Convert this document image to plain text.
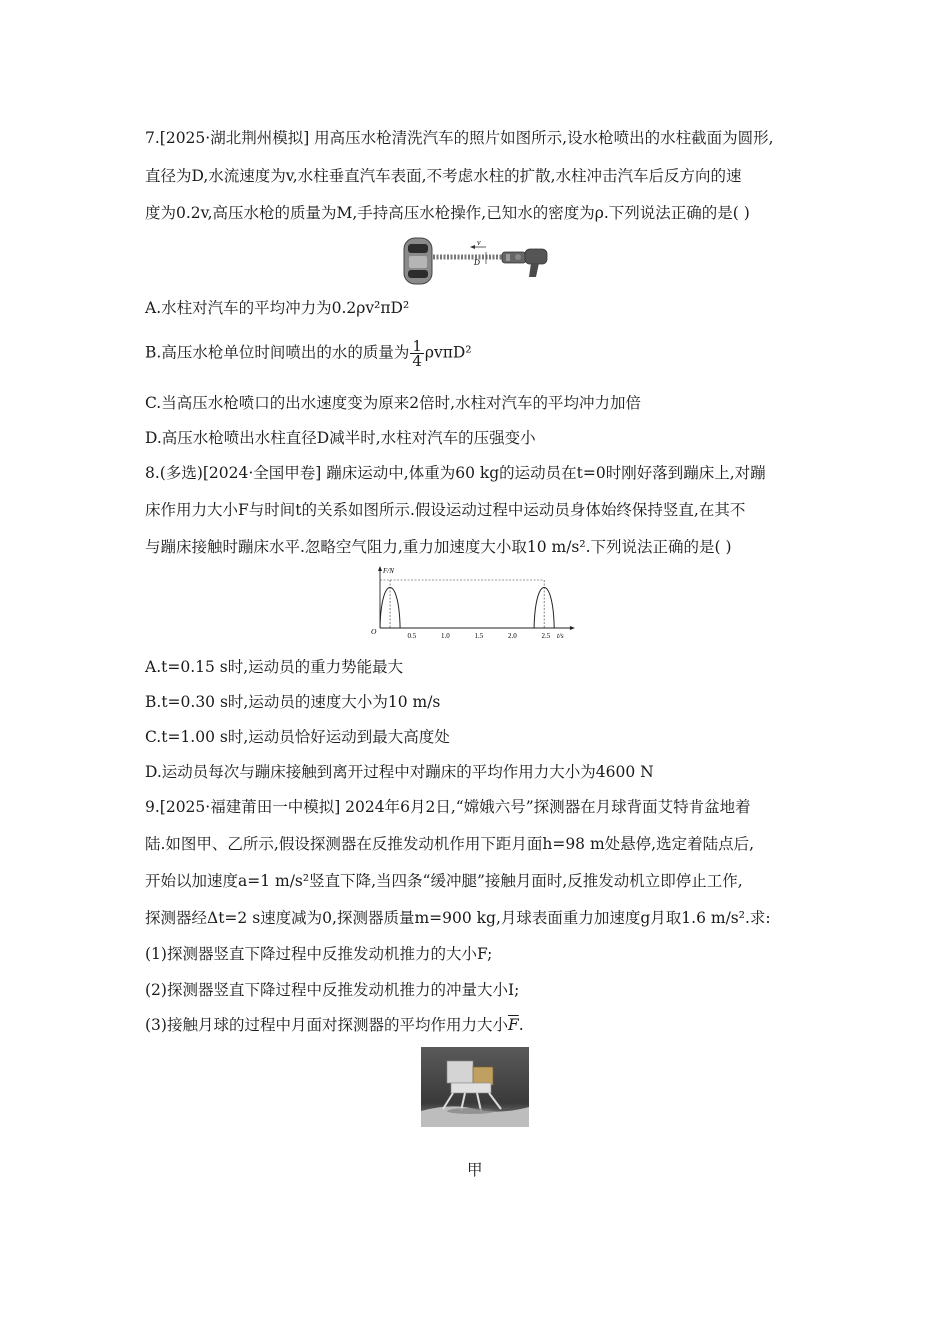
7.[2025·湖北荆州模拟] 用高压水枪清洗汽车的照片如图所示,设水枪喷出的水柱截面为圆形,
直径为D,水流速度为v,水柱垂直汽车表面,不考虑水柱的扩散,水柱冲击汽车后反方向的速
度为0.2v,高压水枪的质量为M,手持高压水枪操作,已知水的密度为ρ.下列说法正确的是( )
v
D
A.水柱对汽车的平均冲力为0.2ρv²πD²
B.高压水枪单位时间喷出的水的质量为 $\frac{1}{4} \rho v\pi D^2$
C.当高压水枪喷口的出水速度变为原来2倍时,水柱对汽车的平均冲力加倍
D.高压水枪喷出水柱直径D减半时,水柱对汽车的压强变小
8.(多选)[2024·全国甲卷] 蹦床运动中,体重为60 kg的运动员在t=0时刚好落到蹦床上,对蹦
床作用力大小F与时间t的关系如图所示.假设运动过程中运动员身体始终保持竖直,在其不
与蹦床接触时蹦床水平.忽略空气阻力,重力加速度大小取10 m/s².下列说法正确的是( )
F/N
t/s
O	0.5	1.0	1.5	2.0	2.5
A.t=0.15 s时,运动员的重力势能最大
B.t=0.30 s时,运动员的速度大小为10 m/s
C.t=1.00 s时,运动员恰好运动到最大高度处
D.运动员每次与蹦床接触到离开过程中对蹦床的平均作用力大小为4600 N
9.[2025·福建莆田一中模拟] 2024年6月2日,“嫦娥六号”探测器在月球背面艾特肯盆地着
陆.如图甲、乙所示,假设探测器在反推发动机作用下距月面h=98 m处悬停,选定着陆点后,
开始以加速度a=1 m/s²竖直下降,当四条“缓冲腿”接触月面时,反推发动机立即停止工作,
探测器经Δt=2 s速度减为0,探测器质量m=900 kg,月球表面重力加速度g月取1.6 m/s².求:
(1)探测器竖直下降过程中反推发动机推力的大小F;
(2)探测器竖直下降过程中反推发动机推力的冲量大小I;
(3)接触月球的过程中月面对探测器的平均作用力大小$\overline{F}$.
甲
